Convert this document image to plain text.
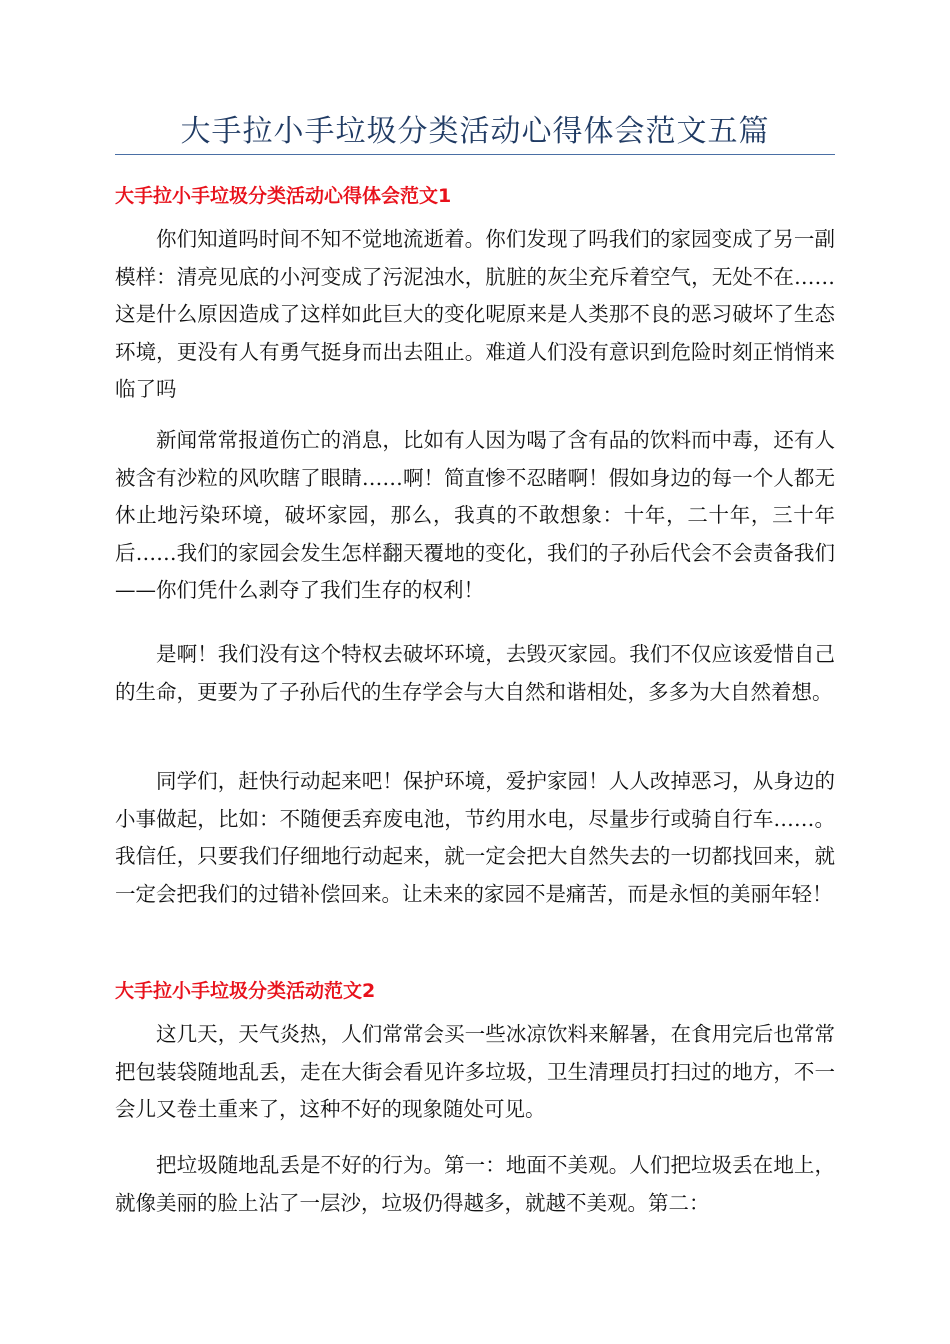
大手拉小手垃圾分类活动心得体会范文五篇
大手拉小手垃圾分类活动心得体会范文1

你们知道吗时间不知不觉地流逝着。你们发现了吗我们的家园变成了另一副模样：清亮见底的小河变成了污泥浊水，肮脏的灰尘充斥着空气，无处不在……这是什么原因造成了这样如此巨大的变化呢原来是人类那不良的恶习破坏了生态环境，更没有人有勇气挺身而出去阻止。难道人们没有意识到危险时刻正悄悄来临了吗

新闻常常报道伤亡的消息，比如有人因为喝了含有品的饮料而中毒，还有人被含有沙粒的风吹瞎了眼睛……啊！简直惨不忍睹啊！假如身边的每一个人都无休止地污染环境，破坏家园，那么，我真的不敢想象：十年，二十年，三十年后……我们的家园会发生怎样翻天覆地的变化，我们的子孙后代会不会责备我们——你们凭什么剥夺了我们生存的权利！

是啊！我们没有这个特权去破坏环境，去毁灭家园。我们不仅应该爱惜自己的生命，更要为了子孙后代的生存学会与大自然和谐相处，多多为大自然着想。

同学们，赶快行动起来吧！保护环境，爱护家园！人人改掉恶习，从身边的小事做起，比如：不随便丢弃废电池，节约用水电，尽量步行或骑自行车……。我信任，只要我们仔细地行动起来，就一定会把大自然失去的一切都找回来，就一定会把我们的过错补偿回来。让未来的家园不是痛苦，而是永恒的美丽年轻！

大手拉小手垃圾分类活动范文2

这几天，天气炎热，人们常常会买一些冰凉饮料来解暑，在食用完后也常常把包装袋随地乱丢，走在大街会看见许多垃圾，卫生清理员打扫过的地方，不一会儿又卷土重来了，这种不好的现象随处可见。

把垃圾随地乱丢是不好的行为。第一：地面不美观。人们把垃圾丢在地上，就像美丽的脸上沾了一层沙，垃圾仍得越多，就越不美观。第二：
